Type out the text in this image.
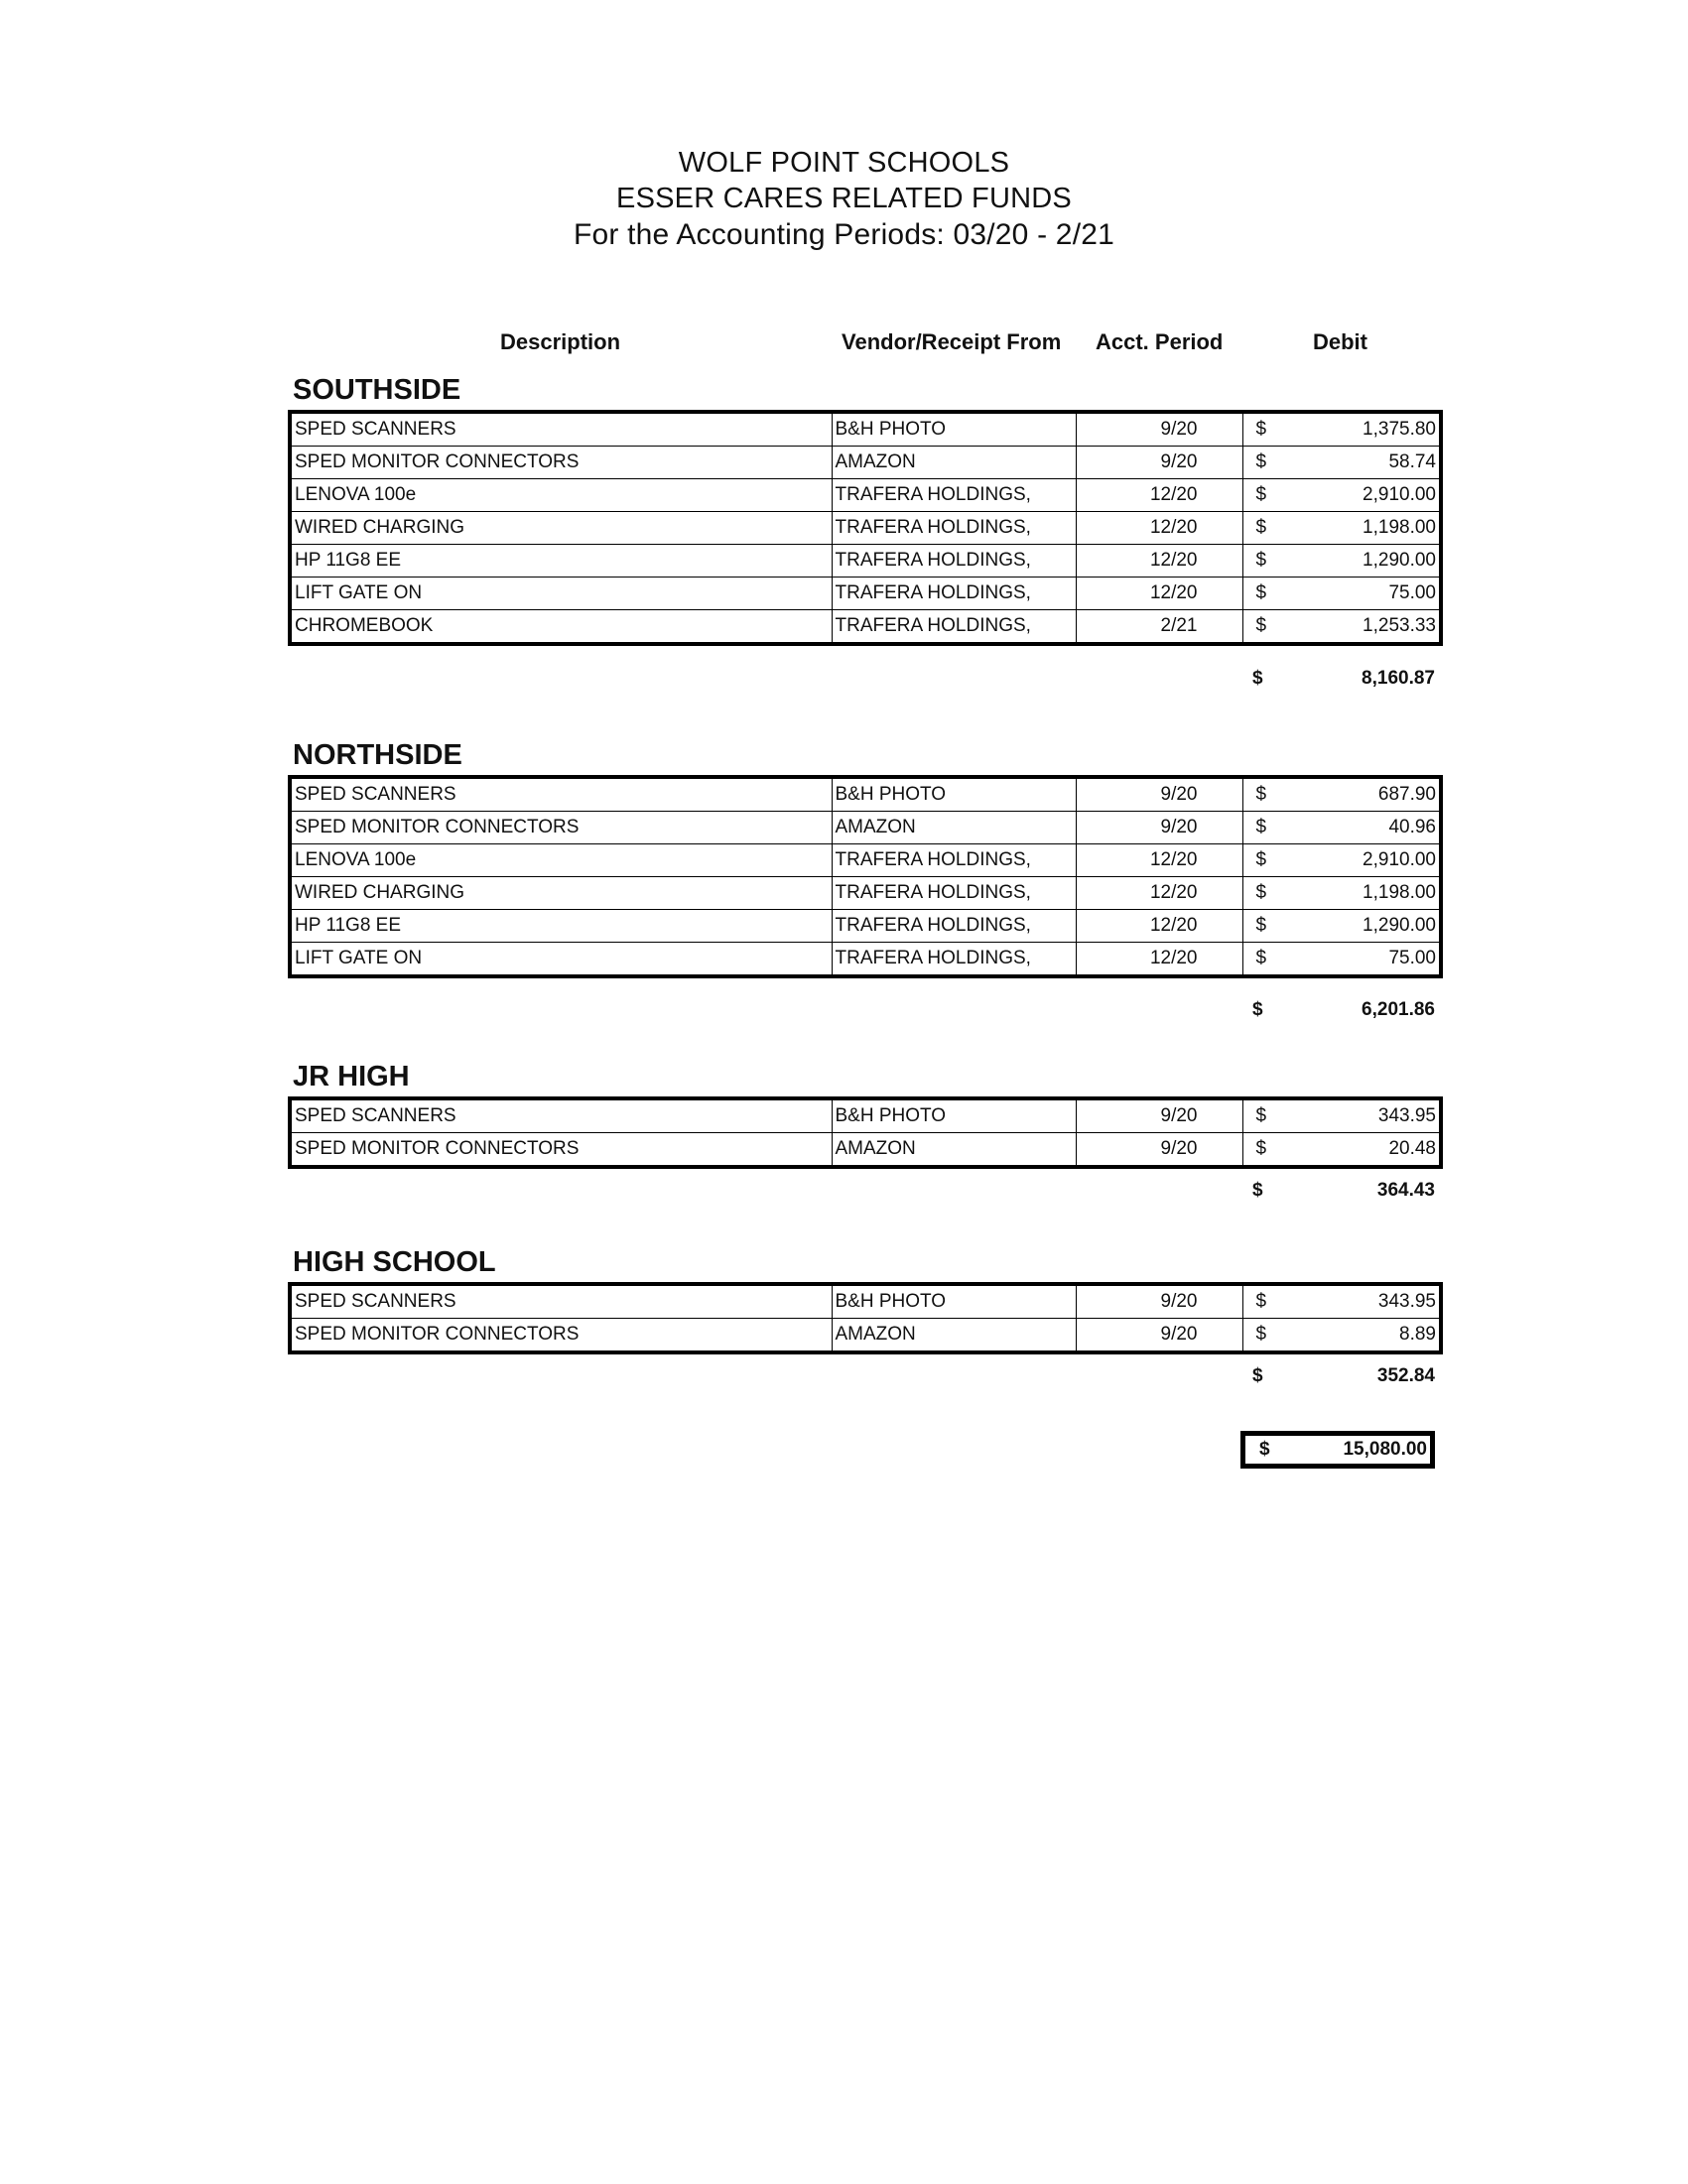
WOLF POINT SCHOOLS
ESSER CARES RELATED FUNDS
For the Accounting Periods: 03/20 - 2/21
Description	Vendor/Receipt From Acct. Period	Debit
SOUTHSIDE
SPED SCANNERS	B&H PHOTO	9/20	$ 1,375.80

SPED MONITOR CONNECTORS	AMAZON	9/20	$ 58.74

LENOVA 100e	TRAFERA HOLDINGS,	12/20	$ 2,910.00

WIRED CHARGING	TRAFERA HOLDINGS,	12/20	$ 1,198.00

HP 11G8 EE	TRAFERA HOLDINGS,	12/20	$ 1,290.00

LIFT GATE ON	TRAFERA HOLDINGS,	12/20	$ 75.00

CHROMEBOOK	TRAFERA HOLDINGS,	2/21	$ 1,253.33
$	8,160.87
NORTHSIDE
SPED SCANNERS	B&H PHOTO	9/20	$ 687.90

SPED MONITOR CONNECTORS	AMAZON	9/20	$ 40.96

LENOVA 100e	TRAFERA HOLDINGS,	12/20	$ 2,910.00

WIRED CHARGING	TRAFERA HOLDINGS,	12/20	$ 1,198.00

HP 11G8 EE	TRAFERA HOLDINGS,	12/20	$ 1,290.00

LIFT GATE ON	TRAFERA HOLDINGS,	12/20	$ 75.00
$	6,201.86
JR HIGH
SPED SCANNERS	B&H PHOTO	9/20	$ 343.95

SPED MONITOR CONNECTORS	AMAZON	9/20	$ 20.48
$	364.43
HIGH SCHOOL
SPED SCANNERS	B&H PHOTO	9/20	$ 343.95

SPED MONITOR CONNECTORS	AMAZON	9/20	$ 8.89
$	352.84
$	15,080.00
